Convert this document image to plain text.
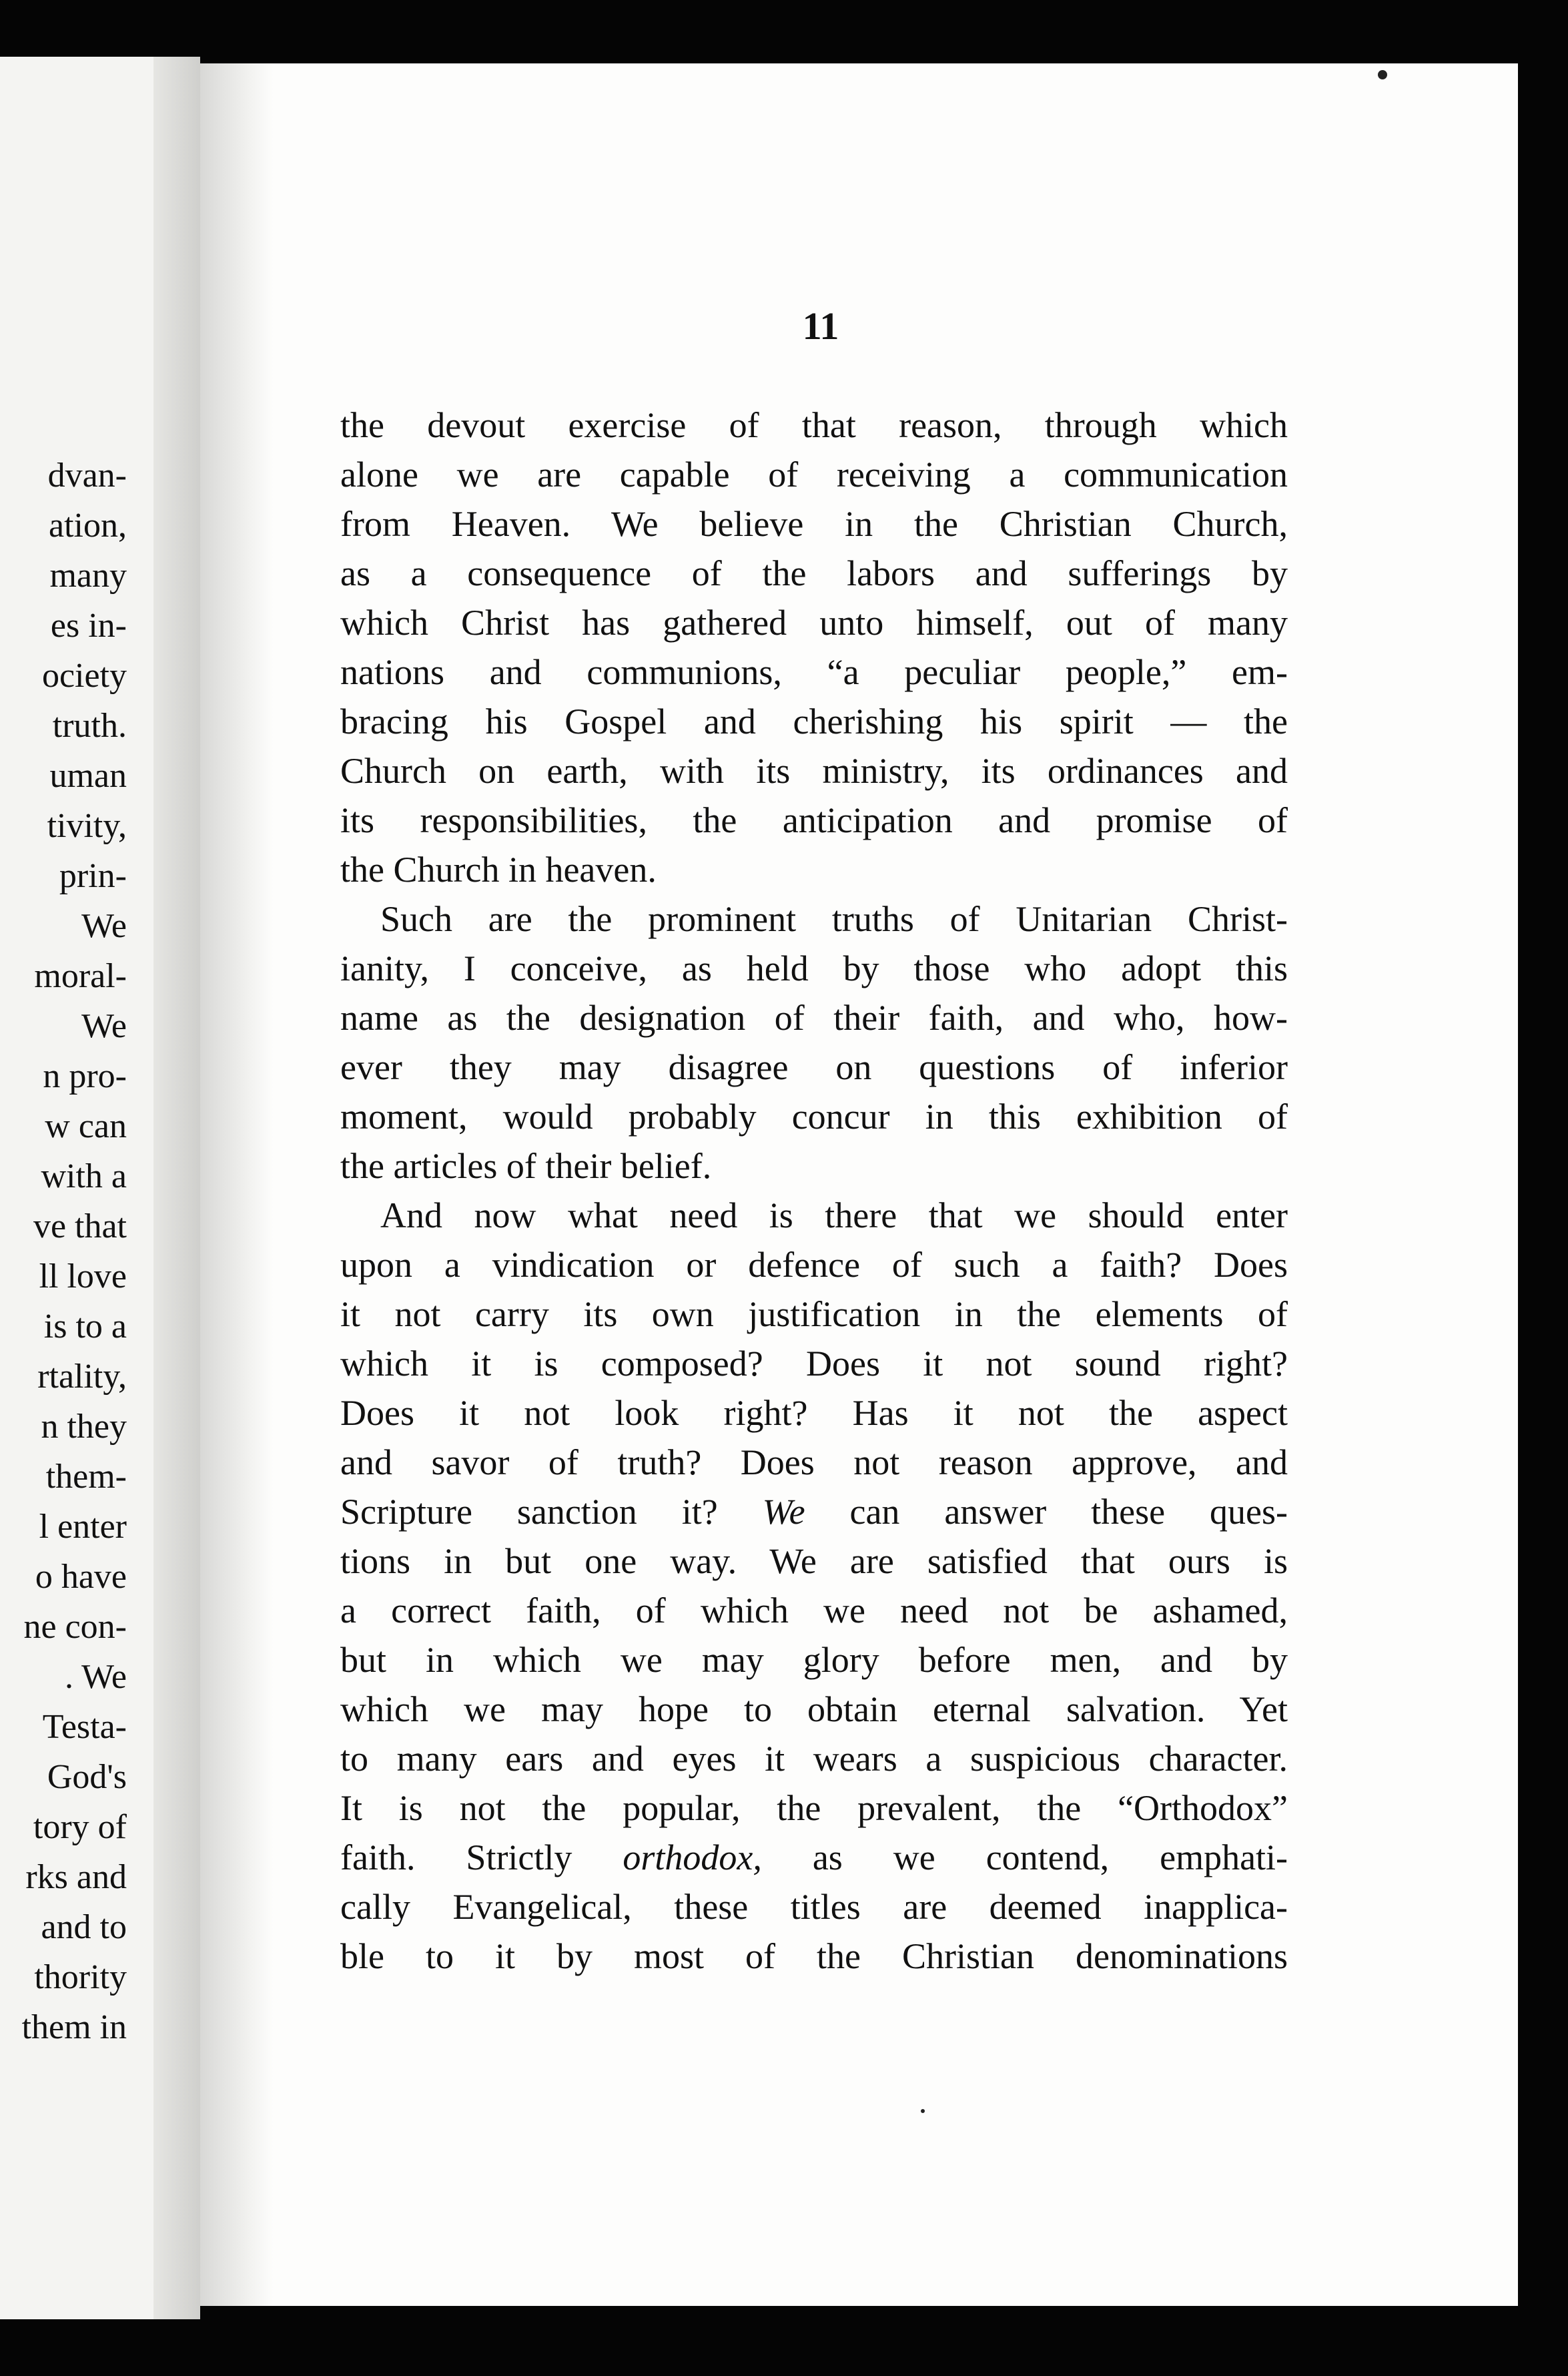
dvan-
ation,
many
es in-
ociety
truth.
uman
tivity,
prin-
We
moral-
We
n pro-
w can
with a
ve that
ll love
is to a
rtality,
n they
them-
l enter
o have
ne con-
. We
Testa-
God's
tory of
rks and
and to
thority
them in
11
the devout exercise of that reason, through which
alone we are capable of receiving a communication
from Heaven. We believe in the Christian Church,
as a consequence of the labors and sufferings by
which Christ has gathered unto himself, out of many
nations and communions, “a peculiar people,” em-
bracing his Gospel and cherishing his spirit — the
Church on earth, with its ministry, its ordinances and
its responsibilities, the anticipation and promise of
the Church in heaven.
Such are the prominent truths of Unitarian Christ-
ianity, I conceive, as held by those who adopt this
name as the designation of their faith, and who, how-
ever they may disagree on questions of inferior
moment, would probably concur in this exhibition of
the articles of their belief.
And now what need is there that we should enter
upon a vindication or defence of such a faith? Does
it not carry its own justification in the elements of
which it is composed? Does it not sound right?
Does it not look right? Has it not the aspect
and savor of truth? Does not reason approve, and
Scripture sanction it? We can answer these ques-
tions in but one way. We are satisfied that ours is
a correct faith, of which we need not be ashamed,
but in which we may glory before men, and by
which we may hope to obtain eternal salvation. Yet
to many ears and eyes it wears a suspicious character.
It is not the popular, the prevalent, the “Orthodox”
faith. Strictly orthodox, as we contend, emphati-
cally Evangelical, these titles are deemed inapplica-
ble to it by most of the Christian denominations
